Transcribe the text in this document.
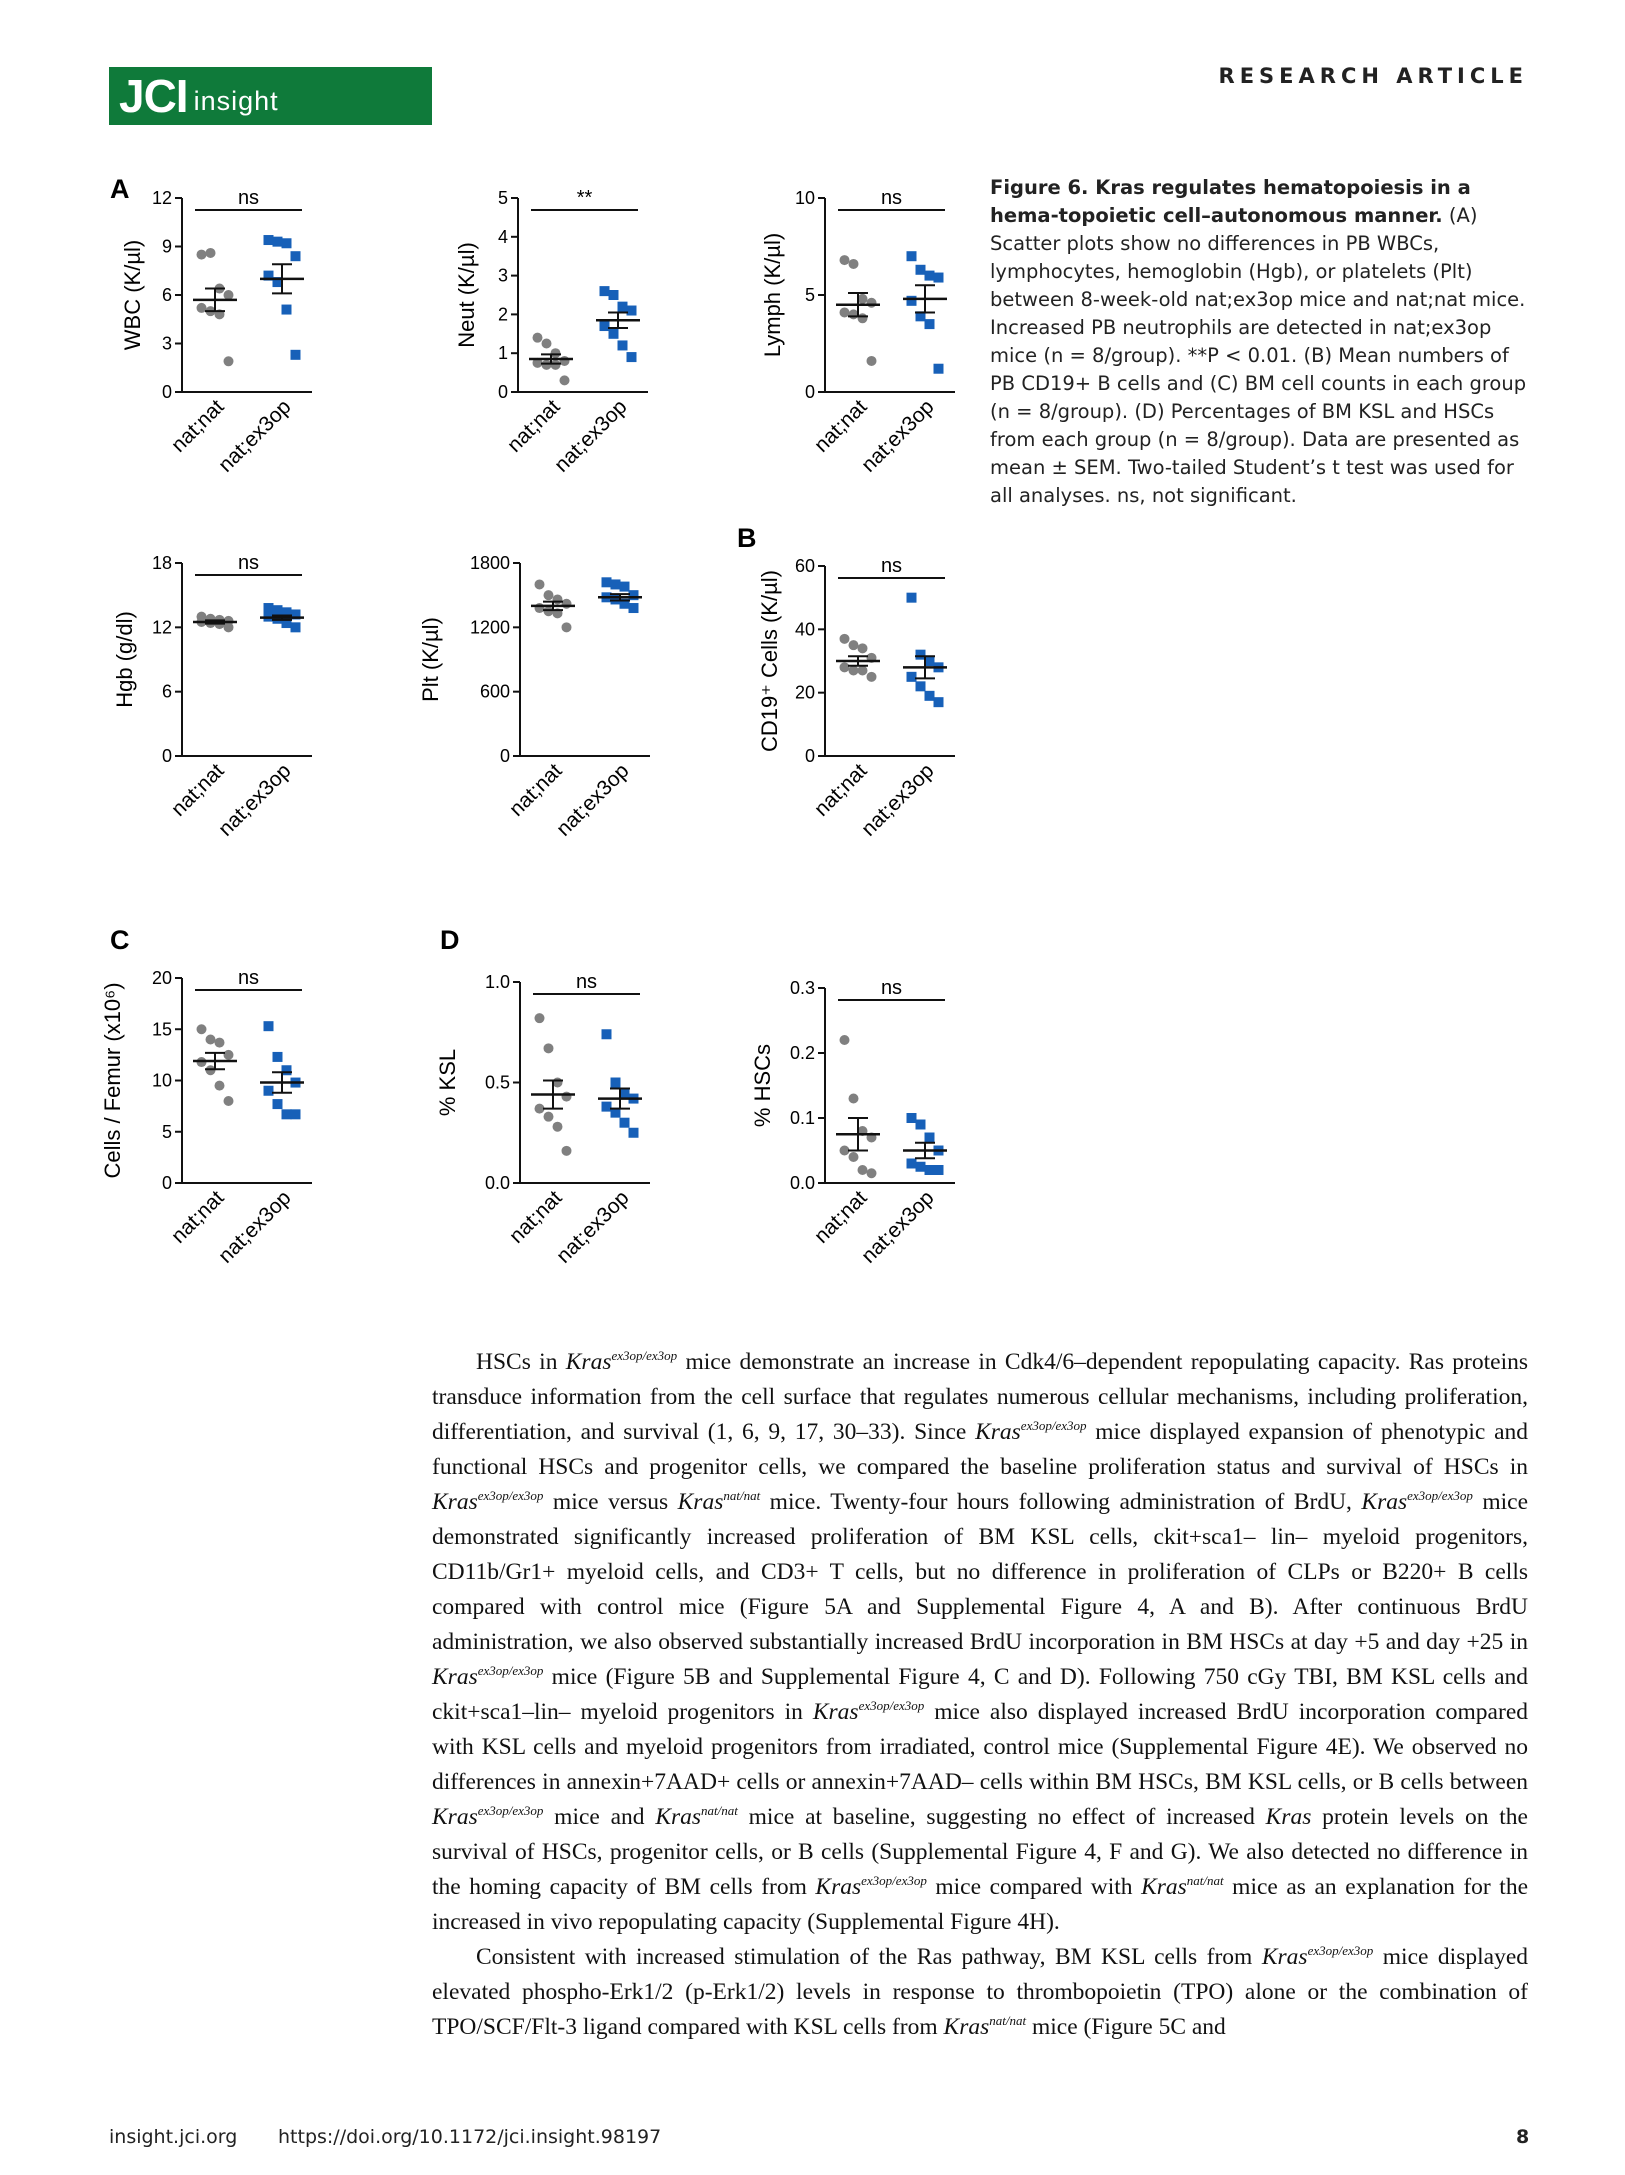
JCI insight
RESEARCH ARTICLE
A
B
C	D
0
3
6
9
12
WBC (K/µl)
nat;nat
nat;ex3op
ns
0
1
2
3
4
5
Neut (K/µl)
nat;nat
nat;ex3op
**
0
5
10
Lymph (K/µl)
nat;nat
nat;ex3op
ns
0
6
12
18
Hgb (g/dl)
nat;nat
nat;ex3op
ns
0
600
1200
1800
Plt (K/µl)
nat;nat
nat;ex3op
0
20
40
60
CD19⁺ Cells (K/µl)
nat;nat
nat;ex3op
ns
0
5
10
15
20
Cells / Femur (x10⁶)
nat;nat
nat;ex3op
ns
0.0
0.5
1.0
% KSL
nat;nat
nat;ex3op
ns
0.0
0.1
0.2
0.3
% HSCs
nat;nat
nat;ex3op
ns
Figure 6. Kras regulates hematopoiesis in a hema-topoietic cell–autonomous manner. (A) Scatter plots show no differences in PB WBCs, lymphocytes, hemoglobin (Hgb), or platelets (Plt) between 8-week-old nat;ex3op mice and nat;nat mice. Increased PB neutrophils are detected in nat;ex3op mice (n = 8/group). **P < 0.01. (B) Mean numbers of PB CD19+ B cells and (C) BM cell counts in each group (n = 8/group). (D) Percentages of BM KSL and HSCs from each group (n = 8/group). Data are presented as mean ± SEM. Two-tailed Student’s t test was used for all analyses. ns, not significant.

HSCs in Kras$^{ex3op/ex3op}$ mice demonstrate an increase in Cdk4/6–dependent repopulating capacity. Ras proteins transduce information from the cell surface that regulates numerous cellular mechanisms, including proliferation, differentiation, and survival (1, 6, 9, 17, 30–33). Since Kras$^{ex3op/ex3op}$ mice displayed expansion of phenotypic and functional HSCs and progenitor cells, we compared the baseline proliferation status and survival of HSCs in Kras$^{ex3op/ex3op}$ mice versus Kras$^{nat/nat}$ mice. Twenty-four hours following administration of BrdU, Kras$^{ex3op/ex3op}$ mice demonstrated significantly increased proliferation of BM KSL cells, ckit+sca1– lin– myeloid progenitors, CD11b/Gr1+ myeloid cells, and CD3+ T cells, but no difference in proliferation of CLPs or B220+ B cells compared with control mice (Figure 5A and Supplemental Figure 4, A and B). After continuous BrdU administration, we also observed substantially increased BrdU incorporation in BM HSCs at day +5 and day +25 in Kras$^{ex3op/ex3op}$ mice (Figure 5B and Supplemental Figure 4, C and D). Following 750 cGy TBI, BM KSL cells and ckit+sca1–lin– myeloid progenitors in Kras$^{ex3op/ex3op}$ mice also displayed increased BrdU incorporation compared with KSL cells and myeloid progenitors from irradiated, control mice (Supplemental Figure 4E). We observed no differences in annexin+7AAD+ cells or annexin+7AAD– cells within BM HSCs, BM KSL cells, or B cells between Kras$^{ex3op/ex3op}$ mice and Kras$^{nat/nat}$ mice at baseline, suggesting no effect of increased Kras protein levels on the survival of HSCs, progenitor cells, or B cells (Supplemental Figure 4, F and G). We also detected no difference in the homing capacity of BM cells from Kras$^{ex3op/ex3op}$ mice compared with Kras$^{nat/nat}$ mice as an explanation for the increased in vivo repopulating capacity (Supplemental Figure 4H).

Consistent with increased stimulation of the Ras pathway, BM KSL cells from Kras$^{ex3op/ex3op}$ mice displayed elevated phospho-Erk1/2 (p-Erk1/2) levels in response to thrombopoietin (TPO) alone or the combination of TPO/SCF/Flt-3 ligand compared with KSL cells from Kras$^{nat/nat}$ mice (Figure 5C and

insight.jci.org https://doi.org/10.1172/jci.insight.98197	8
